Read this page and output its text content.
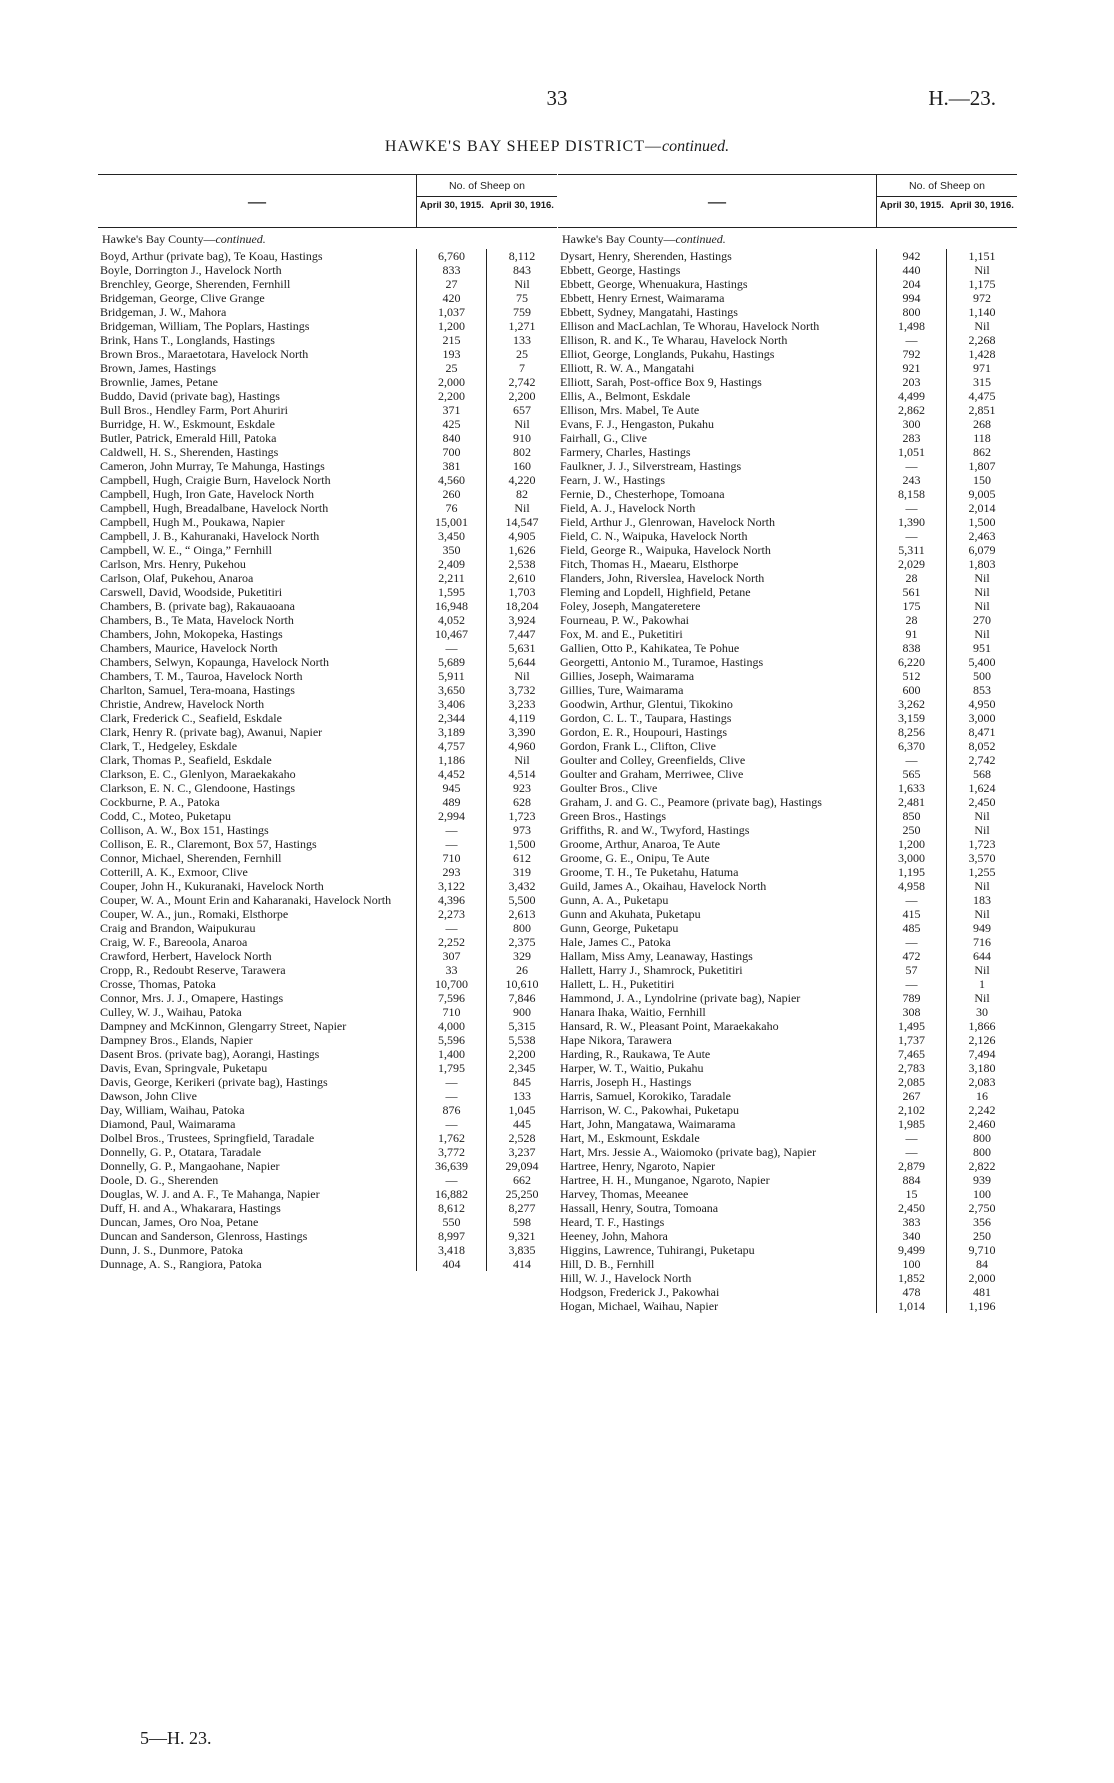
33	H.—23.
HAWKE'S BAY SHEEP DISTRICT—continued.
—
No. of Sheep on
April 30, 1915. April 30, 1916.
Hawke's Bay County—continued.
Boyd, Arthur (private bag), Te Koau, Hastings	6,760	8,112
Boyle, Dorrington J., Havelock North	833	843
Brenchley, George, Sherenden, Fernhill	27	Nil
Bridgeman, George, Clive Grange	420	75
Bridgeman, J. W., Mahora	1,037	759
Bridgeman, William, The Poplars, Hastings	1,200	1,271
Brink, Hans T., Longlands, Hastings	215	133
Brown Bros., Maraetotara, Havelock North	193	25
Brown, James, Hastings	25	7
Brownlie, James, Petane	2,000	2,742
Buddo, David (private bag), Hastings	2,200	2,200
Bull Bros., Hendley Farm, Port Ahuriri	371	657
Burridge, H. W., Eskmount, Eskdale	425	Nil
Butler, Patrick, Emerald Hill, Patoka	840	910
Caldwell, H. S., Sherenden, Hastings	700	802
Cameron, John Murray, Te Mahunga, Hastings	381	160
Campbell, Hugh, Craigie Burn, Havelock North	4,560	4,220
Campbell, Hugh, Iron Gate, Havelock North	260	82
Campbell, Hugh, Breadalbane, Havelock North	76	Nil
Campbell, Hugh M., Poukawa, Napier	15,001	14,547
Campbell, J. B., Kahuranaki, Havelock North	3,450	4,905
Campbell, W. E., “ Oinga,” Fernhill	350	1,626
Carlson, Mrs. Henry, Pukehou	2,409	2,538
Carlson, Olaf, Pukehou, Anaroa	2,211	2,610
Carswell, David, Woodside, Puketitiri	1,595	1,703
Chambers, B. (private bag), Rakauaoana	16,948	18,204
Chambers, B., Te Mata, Havelock North	4,052	3,924
Chambers, John, Mokopeka, Hastings	10,467	7,447
Chambers, Maurice, Havelock North	—	5,631
Chambers, Selwyn, Kopaunga, Havelock North	5,689	5,644
Chambers, T. M., Tauroa, Havelock North	5,911	Nil
Charlton, Samuel, Tera-moana, Hastings	3,650	3,732
Christie, Andrew, Havelock North	3,406	3,233
Clark, Frederick C., Seafield, Eskdale	2,344	4,119
Clark, Henry R. (private bag), Awanui, Napier	3,189	3,390
Clark, T., Hedgeley, Eskdale	4,757	4,960
Clark, Thomas P., Seafield, Eskdale	1,186	Nil
Clarkson, E. C., Glenlyon, Maraekakaho	4,452	4,514
Clarkson, E. N. C., Glendoone, Hastings	945	923
Cockburne, P. A., Patoka	489	628
Codd, C., Moteo, Puketapu	2,994	1,723
Collison, A. W., Box 151, Hastings	—	973
Collison, E. R., Claremont, Box 57, Hastings	—	1,500
Connor, Michael, Sherenden, Fernhill	710	612
Cotterill, A. K., Exmoor, Clive	293	319
Couper, John H., Kukuranaki, Havelock North	3,122	3,432
Couper, W. A., Mount Erin and Kaharanaki, Havelock North	4,396	5,500
Couper, W. A., jun., Romaki, Elsthorpe	2,273	2,613
Craig and Brandon, Waipukurau	—	800
Craig, W. F., Bareoola, Anaroa	2,252	2,375
Crawford, Herbert, Havelock North	307	329
Cropp, R., Redoubt Reserve, Tarawera	33	26
Crosse, Thomas, Patoka	10,700	10,610
Connor, Mrs. J. J., Omapere, Hastings	7,596	7,846
Culley, W. J., Waihau, Patoka	710	900
Dampney and McKinnon, Glengarry Street, Napier	4,000	5,315
Dampney Bros., Elands, Napier	5,596	5,538
Dasent Bros. (private bag), Aorangi, Hastings	1,400	2,200
Davis, Evan, Springvale, Puketapu	1,795	2,345
Davis, George, Kerikeri (private bag), Hastings	—	845
Dawson, John Clive	—	133
Day, William, Waihau, Patoka	876	1,045
Diamond, Paul, Waimarama	—	445
Dolbel Bros., Trustees, Springfield, Taradale	1,762	2,528
Donnelly, G. P., Otatara, Taradale	3,772	3,237
Donnelly, G. P., Mangaohane, Napier	36,639	29,094
Doole, D. G., Sherenden	—	662
Douglas, W. J. and A. F., Te Mahanga, Napier	16,882	25,250
Duff, H. and A., Whakarara, Hastings	8,612	8,277
Duncan, James, Oro Noa, Petane	550	598
Duncan and Sanderson, Glenross, Hastings	8,997	9,321
Dunn, J. S., Dunmore, Patoka	3,418	3,835
Dunnage, A. S., Rangiora, Patoka	404	414
—
No. of Sheep on
April 30, 1915. April 30, 1916.
Hawke's Bay County—continued.
Dysart, Henry, Sherenden, Hastings	942	1,151
Ebbett, George, Hastings	440	Nil
Ebbett, George, Whenuakura, Hastings	204	1,175
Ebbett, Henry Ernest, Waimarama	994	972
Ebbett, Sydney, Mangatahi, Hastings	800	1,140
Ellison and MacLachlan, Te Whorau, Havelock North	1,498	Nil
Ellison, R. and K., Te Wharau, Havelock North	—	2,268
Elliot, George, Longlands, Pukahu, Hastings	792	1,428
Elliott, R. W. A., Mangatahi	921	971
Elliott, Sarah, Post-office Box 9, Hastings	203	315
Ellis, A., Belmont, Eskdale	4,499	4,475
Ellison, Mrs. Mabel, Te Aute	2,862	2,851
Evans, F. J., Hengaston, Pukahu	300	268
Fairhall, G., Clive	283	118
Farmery, Charles, Hastings	1,051	862
Faulkner, J. J., Silverstream, Hastings	—	1,807
Fearn, J. W., Hastings	243	150
Fernie, D., Chesterhope, Tomoana	8,158	9,005
Field, A. J., Havelock North	—	2,014
Field, Arthur J., Glenrowan, Havelock North	1,390	1,500
Field, C. N., Waipuka, Havelock North	—	2,463
Field, George R., Waipuka, Havelock North	5,311	6,079
Fitch, Thomas H., Maearu, Elsthorpe	2,029	1,803
Flanders, John, Riverslea, Havelock North	28	Nil
Fleming and Lopdell, Highfield, Petane	561	Nil
Foley, Joseph, Mangateretere	175	Nil
Fourneau, P. W., Pakowhai	28	270
Fox, M. and E., Puketitiri	91	Nil
Gallien, Otto P., Kahikatea, Te Pohue	838	951
Georgetti, Antonio M., Turamoe, Hastings	6,220	5,400
Gillies, Joseph, Waimarama	512	500
Gillies, Ture, Waimarama	600	853
Goodwin, Arthur, Glentui, Tikokino	3,262	4,950
Gordon, C. L. T., Taupara, Hastings	3,159	3,000
Gordon, E. R., Houpouri, Hastings	8,256	8,471
Gordon, Frank L., Clifton, Clive	6,370	8,052
Goulter and Colley, Greenfields, Clive	—	2,742
Goulter and Graham, Merriwee, Clive	565	568
Goulter Bros., Clive	1,633	1,624
Graham, J. and G. C., Peamore (private bag), Hastings	2,481	2,450
Green Bros., Hastings	850	Nil
Griffiths, R. and W., Twyford, Hastings	250	Nil
Groome, Arthur, Anaroa, Te Aute	1,200	1,723
Groome, G. E., Onipu, Te Aute	3,000	3,570
Groome, T. H., Te Puketahu, Hatuma	1,195	1,255
Guild, James A., Okaihau, Havelock North	4,958	Nil
Gunn, A. A., Puketapu	—	183
Gunn and Akuhata, Puketapu	415	Nil
Gunn, George, Puketapu	485	949
Hale, James C., Patoka	—	716
Hallam, Miss Amy, Leanaway, Hastings	472	644
Hallett, Harry J., Shamrock, Puketitiri	57	Nil
Hallett, L. H., Puketitiri	—	1
Hammond, J. A., Lyndolrine (private bag), Napier	789	Nil
Hanara Ihaka, Waitio, Fernhill	308	30
Hansard, R. W., Pleasant Point, Maraekakaho	1,495	1,866
Hape Nikora, Tarawera	1,737	2,126
Harding, R., Raukawa, Te Aute	7,465	7,494
Harper, W. T., Waitio, Pukahu	2,783	3,180
Harris, Joseph H., Hastings	2,085	2,083
Harris, Samuel, Korokiko, Taradale	267	16
Harrison, W. C., Pakowhai, Puketapu	2,102	2,242
Hart, John, Mangatawa, Waimarama	1,985	2,460
Hart, M., Eskmount, Eskdale	—	800
Hart, Mrs. Jessie A., Waiomoko (private bag), Napier	—	800
Hartree, Henry, Ngaroto, Napier	2,879	2,822
Hartree, H. H., Munganoe, Ngaroto, Napier	884	939
Harvey, Thomas, Meeanee	15	100
Hassall, Henry, Soutra, Tomoana	2,450	2,750
Heard, T. F., Hastings	383	356
Heeney, John, Mahora	340	250
Higgins, Lawrence, Tuhirangi, Puketapu	9,499	9,710
Hill, D. B., Fernhill	100	84
Hill, W. J., Havelock North	1,852	2,000
Hodgson, Frederick J., Pakowhai	478	481
Hogan, Michael, Waihau, Napier	1,014	1,196
5—H. 23.
